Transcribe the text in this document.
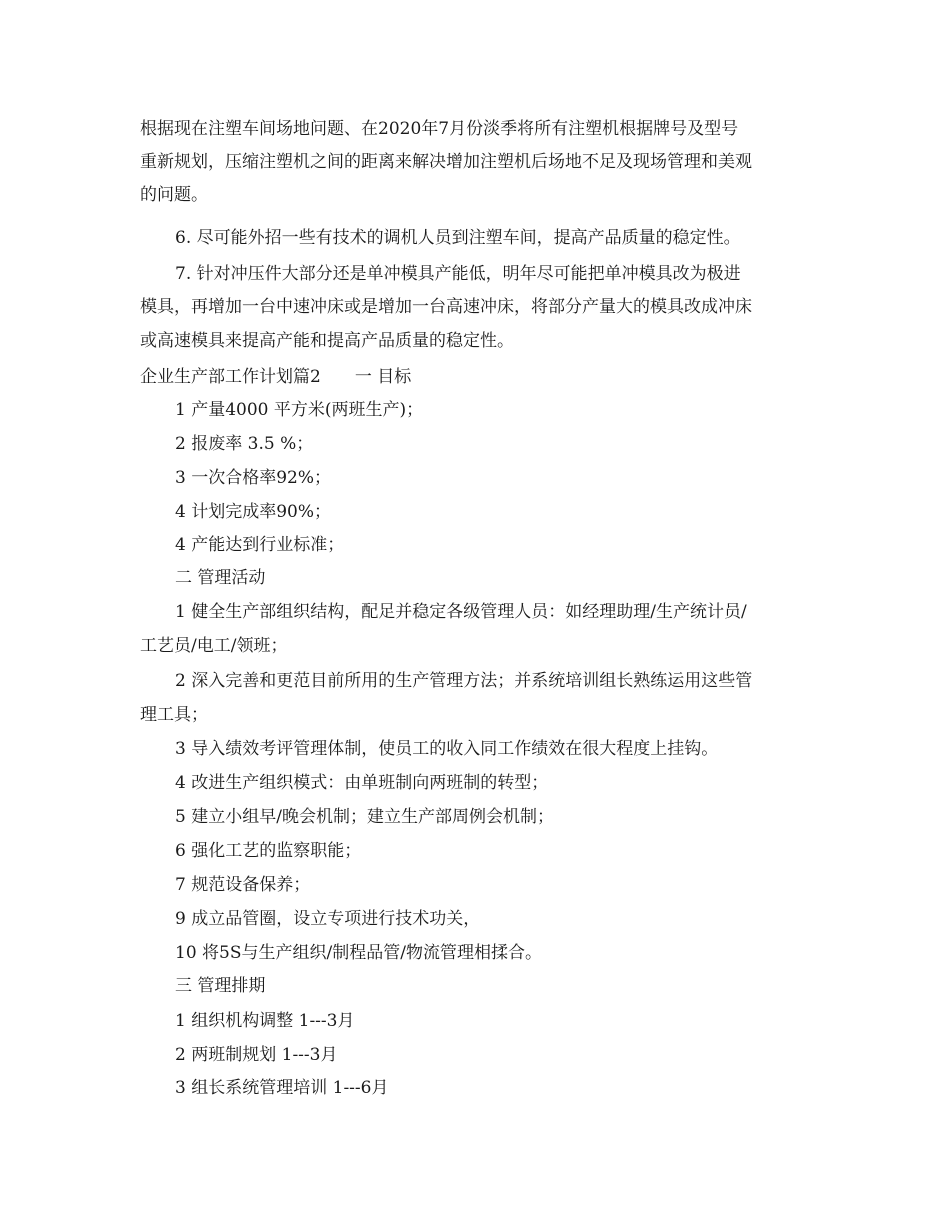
根据现在注塑车间场地问题、在2020年7月份淡季将所有注塑机根据牌号及型号
重新规划，压缩注塑机之间的距离来解决增加注塑机后场地不足及现场管理和美观
的问题。
6. 尽可能外招一些有技术的调机人员到注塑车间，提高产品质量的稳定性。
7. 针对冲压件大部分还是单冲模具产能低，明年尽可能把单冲模具改为极进
模具，再增加一台中速冲床或是增加一台高速冲床，将部分产量大的模具改成冲床
或高速模具来提高产能和提高产品质量的稳定性。
企业生产部工作计划篇2　　一 目标
1 产量4000 平方米(两班生产)；
2 报废率 3.5 %；
3 一次合格率92%；
4 计划完成率90%；
4 产能达到行业标准；
二 管理活动
1 健全生产部组织结构，配足并稳定各级管理人员：如经理助理/生产统计员/
工艺员/电工/领班；
2 深入完善和更范目前所用的生产管理方法；并系统培训组长熟练运用这些管
理工具；
3 导入绩效考评管理体制，使员工的收入同工作绩效在很大程度上挂钩。
4 改进生产组织模式：由单班制向两班制的转型；
5 建立小组早/晚会机制；建立生产部周例会机制；
6 强化工艺的监察职能；
7 规范设备保养；
9 成立品管圈，设立专项进行技术功关，
10 将5S与生产组织/制程品管/物流管理相揉合。
三 管理排期
1 组织机构调整 1---3月
2 两班制规划 1---3月
3 组长系统管理培训 1---6月
